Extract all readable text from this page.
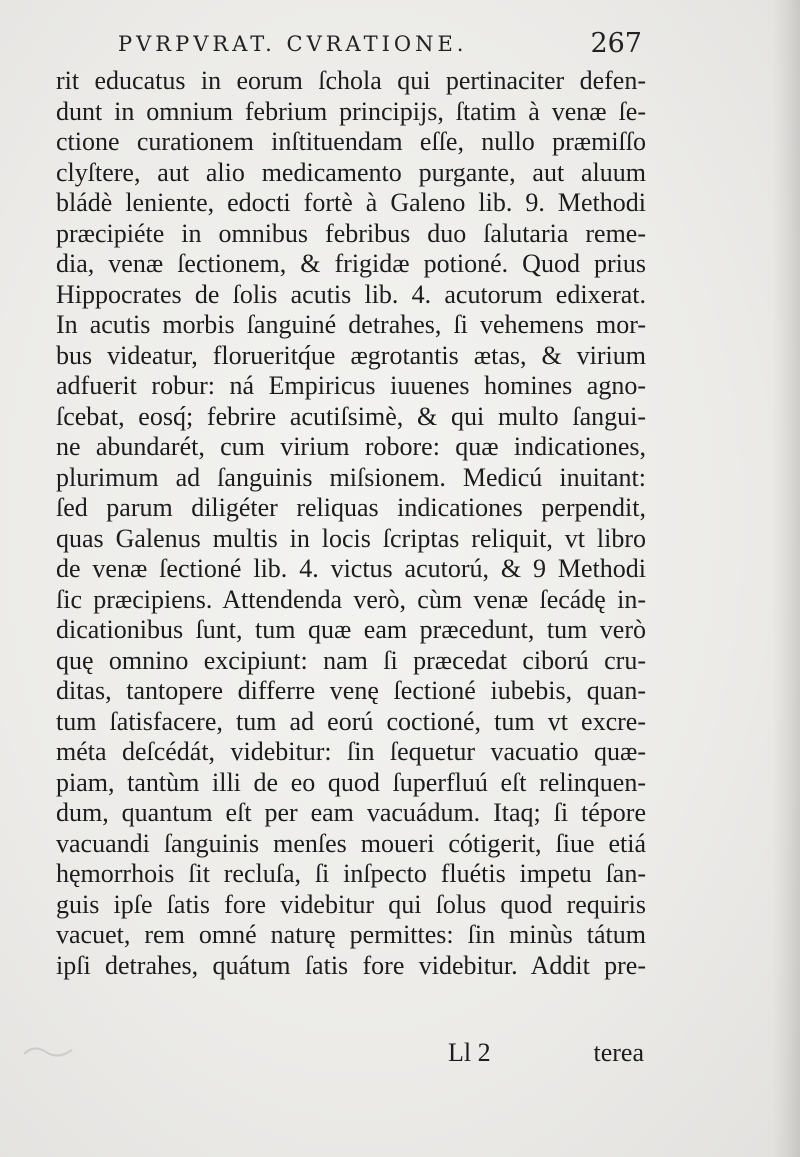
PVRPVRAT. CVRATIONE.	267
rit educatus in eorum ſchola qui pertinaciter defen-
dunt in omnium febrium principijs, ſtatim à venæ ſe-
ctione curationem inſtituendam eſſe, nullo præmiſſo
clyſtere, aut alio medicamento purgante, aut aluum
bládè leniente, edocti fortè à Galeno lib. 9. Methodi
præcipiéte in omnibus febribus duo ſalutaria reme-
dia, venæ ſectionem, & frigidæ potioné. Quod prius
Hippocrates de ſolis acutis lib. 4. acutorum edixerat.
In acutis morbis ſanguiné detrahes, ſi vehemens mor-
bus videatur, florueritq́ue ægrotantis ætas, & virium
adfuerit robur: ná Empiricus iuuenes homines agno-
ſcebat, eosq́; febrire acutiſsimè, & qui multo ſangui-
ne abundarét, cum virium robore: quæ indicationes,
plurimum ad ſanguinis miſsionem. Medicú inuitant:
ſed parum diligéter reliquas indicationes perpendit,
quas Galenus multis in locis ſcriptas reliquit, vt libro
de venæ ſectioné lib. 4. victus acutorú, & 9 Methodi
ſic præcipiens. Attendenda verò, cùm venæ ſecádę in-
dicationibus ſunt, tum quæ eam præcedunt, tum verò
quę omnino excipiunt: nam ſi præcedat ciború cru-
ditas, tantopere differre venę ſectioné iubebis, quan-
tum ſatisfacere, tum ad eorú coctioné, tum vt excre-
méta deſcédát, videbitur: ſin ſequetur vacuatio quæ-
piam, tantùm illi de eo quod ſuperfluú eſt relinquen-
dum, quantum eſt per eam vacuádum. Itaq; ſi tépore
vacuandi ſanguinis menſes moueri cótigerit, ſiue etiá
hęmorrhois ſit recluſa, ſi inſpecto fluétis impetu ſan-
guis ipſe ſatis fore videbitur qui ſolus quod requiris
vacuet, rem omné naturę permittes: ſin minùs tátum
ipſi detrahes, quátum ſatis fore videbitur. Addit pre-
Ll 2	terea
